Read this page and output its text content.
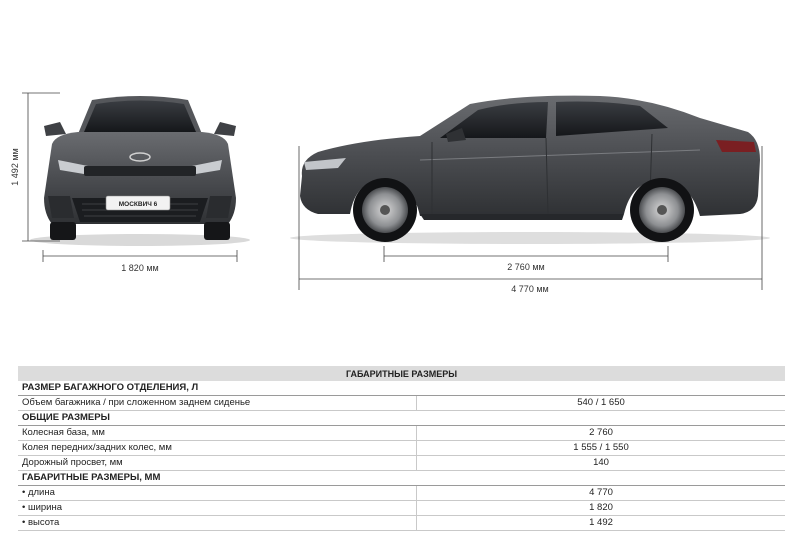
МОСКВИЧ 6
1 492 мм
1 820 мм	2 760 мм
4 770 мм
ГАБАРИТНЫЕ РАЗМЕРЫ	
РАЗМЕР БАГАЖНОГО ОТДЕЛЕНИЯ, Л	
Объем багажника / при сложенном заднем сиденье	540 / 1 650
ОБЩИЕ РАЗМЕРЫ	
Колесная база, мм	2 760
Колея передних/задних колес, мм	1 555 / 1 550
Дорожный просвет, мм	140
ГАБАРИТНЫЕ РАЗМЕРЫ, ММ	
• длина	4 770
• ширина	1 820
• высота	1 492
